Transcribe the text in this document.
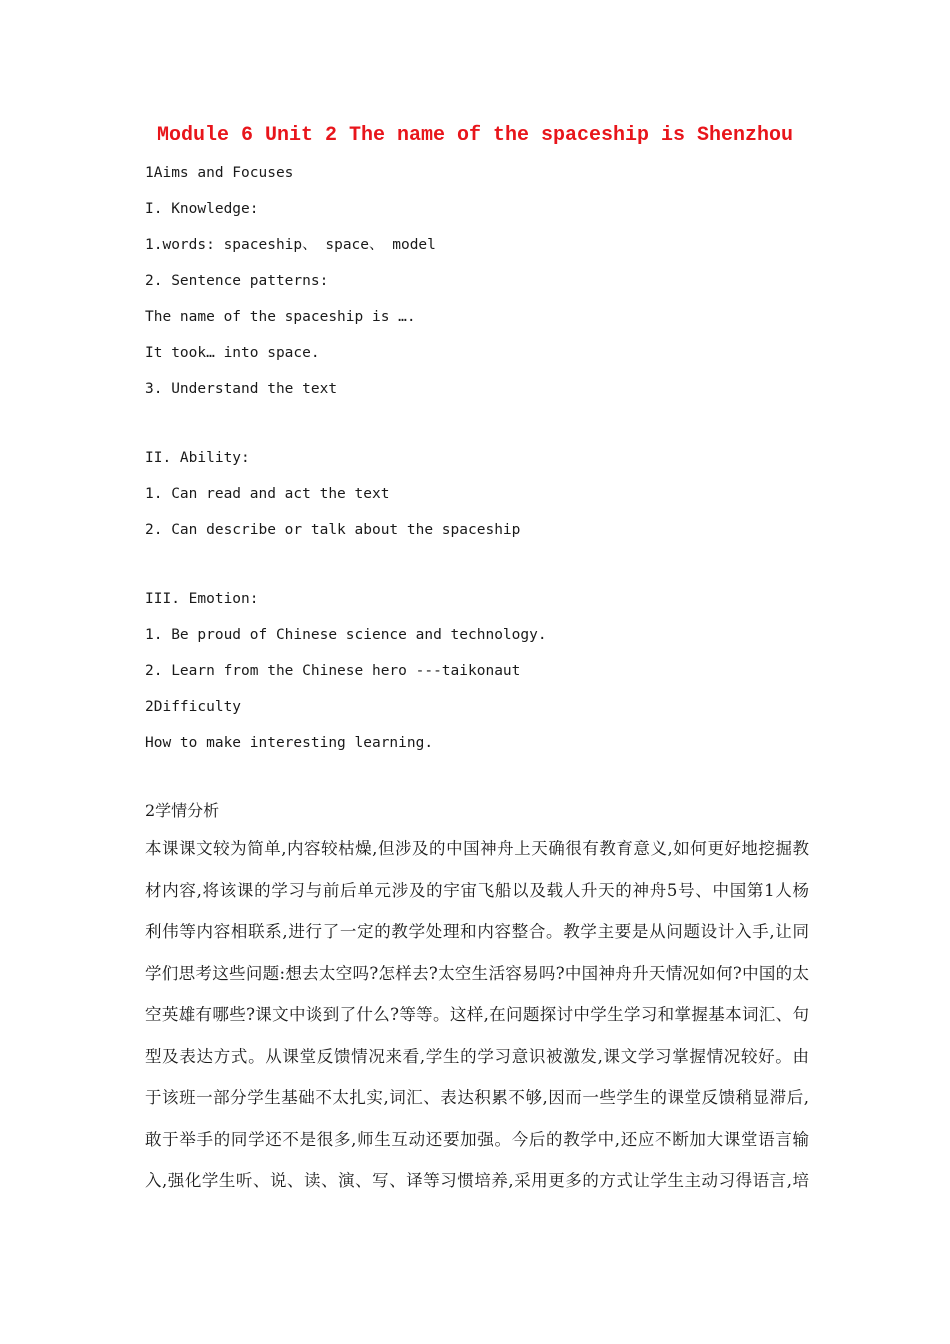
Module 6 Unit 2 The name of the spaceship is Shenzhou
1Aims and Focuses
I. Knowledge:
1.words: spaceship、 space、 model
2. Sentence patterns:
The name of the spaceship is ….
It took… into space.
3. Understand the text
II. Ability:
1. Can read and act the text
2. Can describe or talk about the spaceship
III. Emotion:
1. Be proud of Chinese science and technology.
2. Learn from the Chinese hero ---taikonaut
2Difficulty
How to make interesting learning.
2学情分析
本课课文较为简单,内容较枯燥,但涉及的中国神舟上天确很有教育意义,如何更好地挖掘教
材内容,将该课的学习与前后单元涉及的宇宙飞船以及载人升天的神舟5号、中国第1人杨
利伟等内容相联系,进行了一定的教学处理和内容整合。教学主要是从问题设计入手,让同
学们思考这些问题:想去太空吗?怎样去?太空生活容易吗?中国神舟升天情况如何?中国的太
空英雄有哪些?课文中谈到了什么?等等。这样,在问题探讨中学生学习和掌握基本词汇、句
型及表达方式。从课堂反馈情况来看,学生的学习意识被激发,课文学习掌握情况较好。由
于该班一部分学生基础不太扎实,词汇、表达积累不够,因而一些学生的课堂反馈稍显滞后,
敢于举手的同学还不是很多,师生互动还要加强。今后的教学中,还应不断加大课堂语言输
入,强化学生听、说、读、演、写、译等习惯培养,采用更多的方式让学生主动习得语言,培
